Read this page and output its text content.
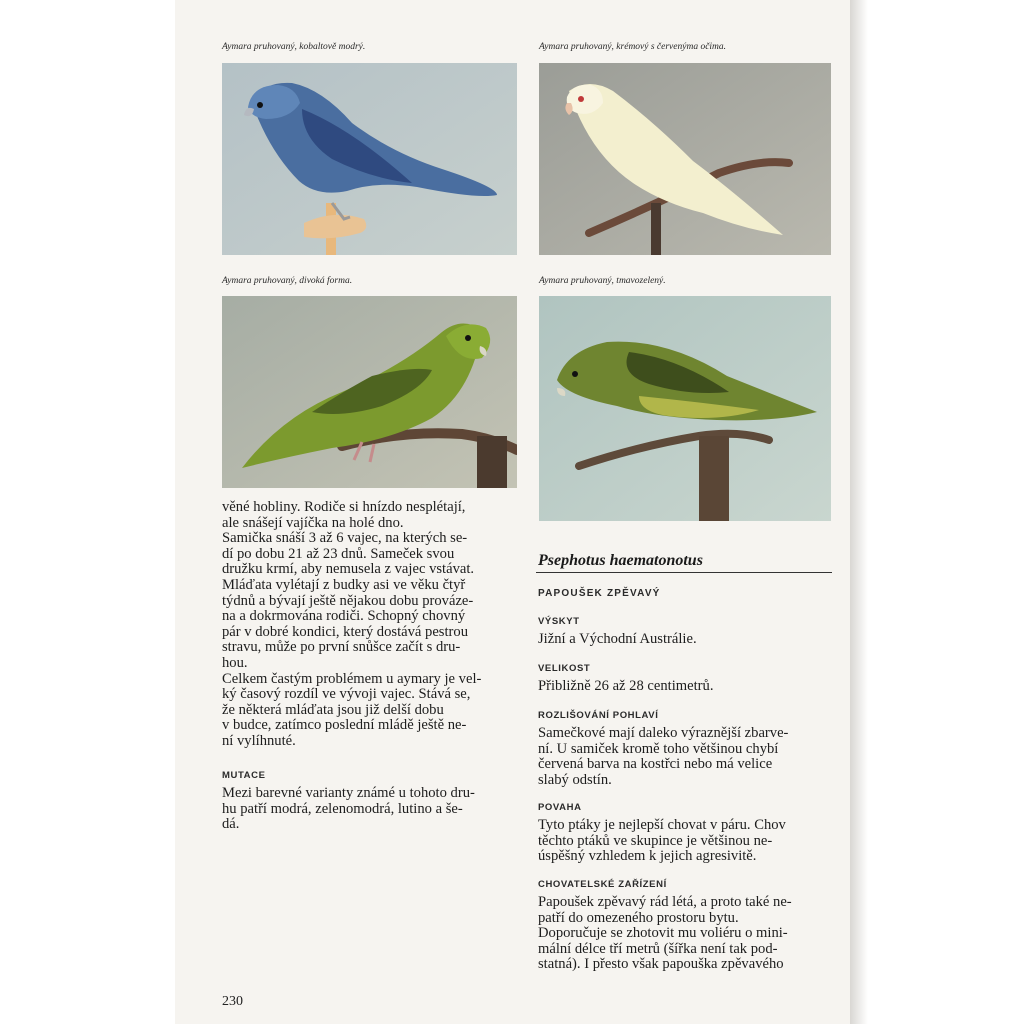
Aymara pruhovaný, kobaltově modrý.	Aymara pruhovaný, krémový s červenýma očima.
Aymara pruhovaný, divoká forma.	Aymara pruhovaný, tmavozelený.
věné hobliny. Rodiče si hnízdo nesplétají,
ale snášejí vajíčka na holé dno.
Samička snáší 3 až 6 vajec, na kterých se-
dí po dobu 21 až 23 dnů. Sameček svou
družku krmí, aby nemusela z vajec vstávat.
Mláďata vylétají z budky asi ve věku čtyř
týdnů a bývají ještě nějakou dobu provázе-
na a dokrmována rodiči. Schopný chovný
pár v dobré kondici, který dostává pestrou
stravu, může po první snůšce začít s dru-
hou.
Celkem častým problémem u aymary je vel-
ký časový rozdíl ve vývoji vajec. Stává se,
že některá mláďata jsou již delší dobu
v budce, zatímco poslední mládě ještě ne-
ní vylíhnuté.
MUTACE
Mezi barevné varianty známé u tohoto dru-
hu patří modrá, zelenomodrá, lutino a še-
dá.
Psephotus haematonotus
PAPOUŠEK ZPĚVAVÝ
VÝSKYT
Jižní a Východní Austrálie.
VELIKOST
Přibližně 26 až 28 centimetrů.
ROZLIŠOVÁNÍ POHLAVÍ
Samečkové mají daleko výraznější zbarve-
ní. U samiček kromě toho většinou chybí
červená barva na kostřci nebo má velice
slabý odstín.
POVAHA
Tyto ptáky je nejlepší chovat v páru. Chov
těchto ptáků ve skupince je většinou ne-
úspěšný vzhledem k jejich agresivitě.
CHOVATELSKÉ ZAŘÍZENÍ
Papoušek zpěvavý rád létá, a proto také ne-
patří do omezeného prostoru bytu.
Doporučuje se zhotovit mu voliéru o mini-
mální délce tří metrů (šířka není tak pod-
statná). I přesto však papouška zpěvavého
230
